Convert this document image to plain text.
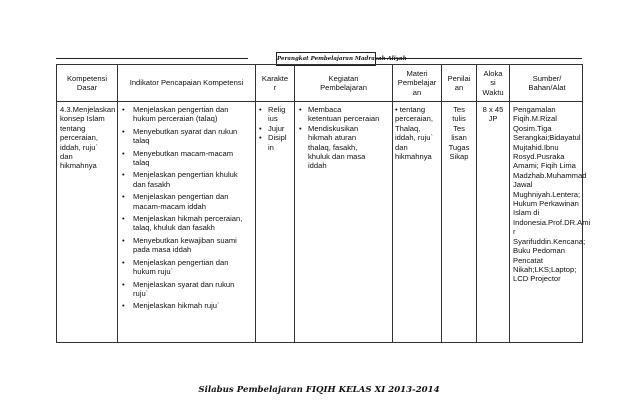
Perangkat Pembelajaran Madrasah Aliyah
Kompetensi
Dasar
Indikator Pencapaian Kompetensi
Karakte
r
Kegiatan
Pembelajaran
Materi
Pembelajar
an
Penilai
an
Aloka
si
Waktu
Sumber/
Bahan/Alat
4.3.Menjelaskan
konsep Islam
tentang
perceraian,
iddah, ruju`
dan
hikmahnya
• Menjelaskan pengertian dan
hukum perceraian (talaq)
• Menyebutkan syarat dan rukun
talaq
• Menyebutkan macam-macam
talaq
• Menjelaskan pengertian khuluk
dan fasakh
• Menjelaskan pengertian dan
macam-macam iddah
• Menjelaskan hikmah perceraian,
talaq, khuluk dan fasakh
• Menyebutkan kewajiban suami
pada masa iddah
• Menjelaskan pengertian dan
hukum ruju`
• Menjelaskan syarat dan rukun
ruju`
• Menjelaskan hikmah ruju`
• Relig
ius
• Jujur
• Disipl
in
• Membaca
ketentuan perceraian
• Mendiskusikan
hikmah aturan
thalaq, fasakh,
khuluk dan masa
iddah
• tentang
perceraian,
Thalaq,
iddah, ruju`
dan
hikmahnya
Tes
tulis
Tes
lisan
Tugas
Sikap
8 x 45
JP
Pengamalan
Fiqih.M.Rizal
Qosim.Tiga
Serangkai;Bidayatul
Mujtahid.Ibnu
Rosyd.Pusraka
Amami; Fiqih Lima
Madzhab.Muhammad
Jawal
Mughniyah.Lentera;
Hukum Perkawinan
Islam di
Indonesia.Prof.DR.Ami
r
Syarifuddin.Kencana;
Buku Pedoman
Pencatat
Nikah;LKS;Laptop;
LCD Projector
Silabus Pembelajaran FIQIH KELAS XI 2013-2014
